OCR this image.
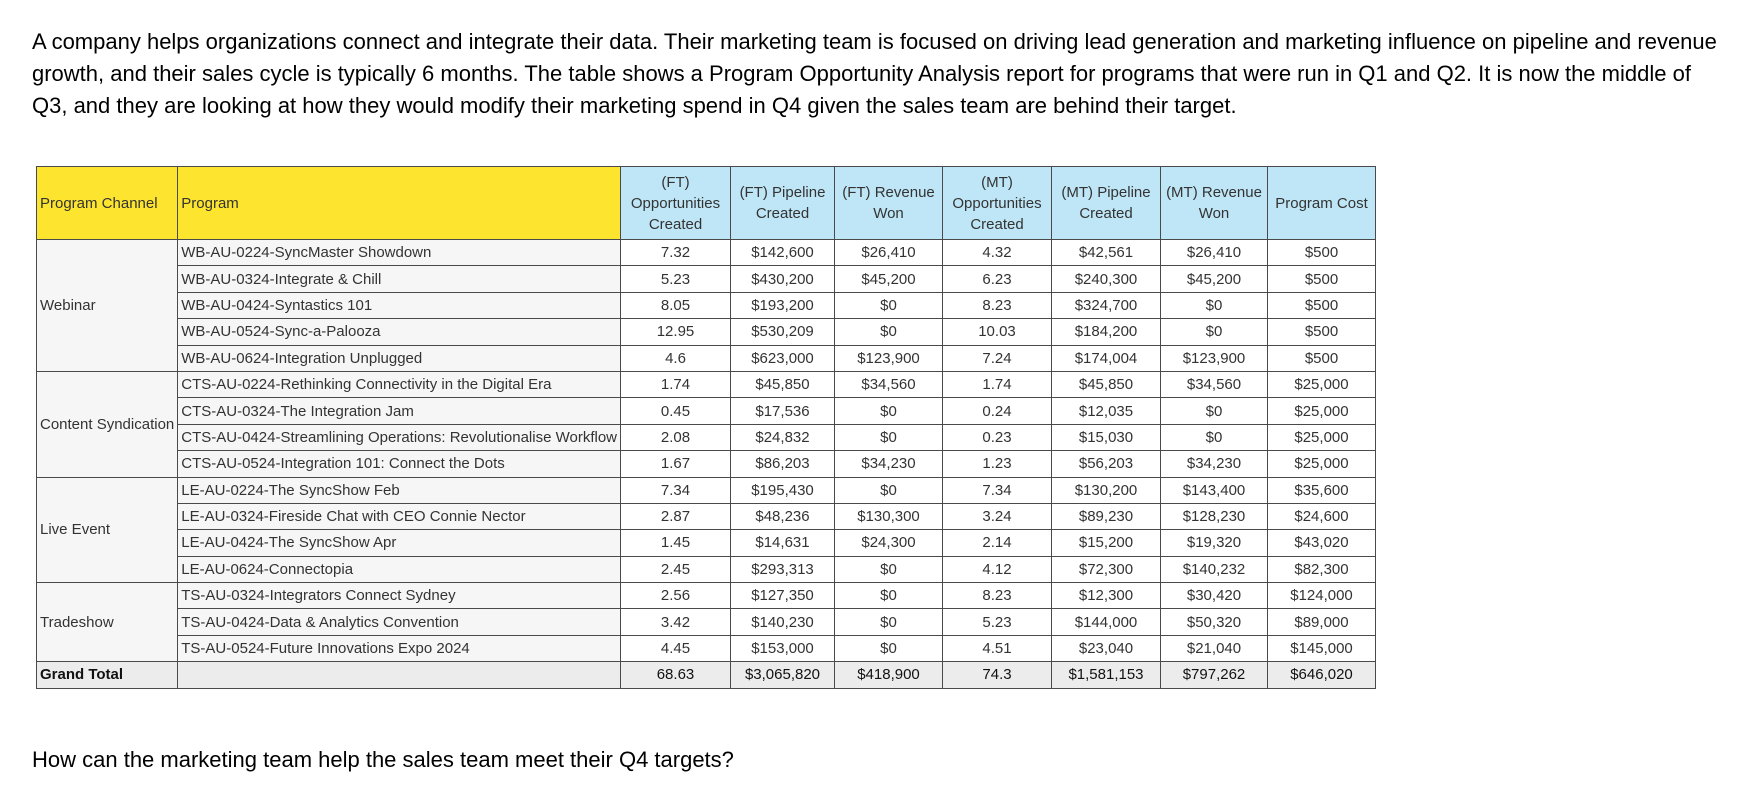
A company helps organizations connect and integrate their data. Their marketing team is focused on driving lead generation and marketing influence on pipeline and revenue growth, and their sales cycle is typically 6 months. The table shows a Program Opportunity Analysis report for programs that were run in Q1 and Q2. It is now the middle of Q3, and they are looking at how they would modify their marketing spend in Q4 given the sales team are behind their target.

Program Channel	Program	(FT) Opportunities Created	(FT) Pipeline Created	(FT) Revenue Won	(MT) Opportunities Created	(MT) Pipeline Created	(MT) Revenue Won	Program Cost
Webinar	WB-AU-0224-SyncMaster Showdown	7.32	$142,600	$26,410	4.32	$42,561	$26,410	$500
	WB-AU-0324-Integrate & Chill	5.23	$430,200	$45,200	6.23	$240,300	$45,200	$500
	WB-AU-0424-Syntastics 101	8.05	$193,200	$0	8.23	$324,700	$0	$500
	WB-AU-0524-Sync-a-Palooza	12.95	$530,209	$0	10.03	$184,200	$0	$500
	WB-AU-0624-Integration Unplugged	4.6	$623,000	$123,900	7.24	$174,004	$123,900	$500
Content Syndication	CTS-AU-0224-Rethinking Connectivity in the Digital Era	1.74	$45,850	$34,560	1.74	$45,850	$34,560	$25,000
	CTS-AU-0324-The Integration Jam	0.45	$17,536	$0	0.24	$12,035	$0	$25,000
	CTS-AU-0424-Streamlining Operations: Revolutionalise Workflow	2.08	$24,832	$0	0.23	$15,030	$0	$25,000
	CTS-AU-0524-Integration 101: Connect the Dots	1.67	$86,203	$34,230	1.23	$56,203	$34,230	$25,000
Live Event	LE-AU-0224-The SyncShow Feb	7.34	$195,430	$0	7.34	$130,200	$143,400	$35,600
	LE-AU-0324-Fireside Chat with CEO Connie Nector	2.87	$48,236	$130,300	3.24	$89,230	$128,230	$24,600
	LE-AU-0424-The SyncShow Apr	1.45	$14,631	$24,300	2.14	$15,200	$19,320	$43,020
	LE-AU-0624-Connectopia	2.45	$293,313	$0	4.12	$72,300	$140,232	$82,300
Tradeshow	TS-AU-0324-Integrators Connect Sydney	2.56	$127,350	$0	8.23	$12,300	$30,420	$124,000
	TS-AU-0424-Data & Analytics Convention	3.42	$140,230	$0	5.23	$144,000	$50,320	$89,000
	TS-AU-0524-Future Innovations Expo 2024	4.45	$153,000	$0	4.51	$23,040	$21,040	$145,000
Grand Total		68.63	$3,065,820	$418,900	74.3	$1,581,153	$797,262	$646,020

How can the marketing team help the sales team meet their Q4 targets?
